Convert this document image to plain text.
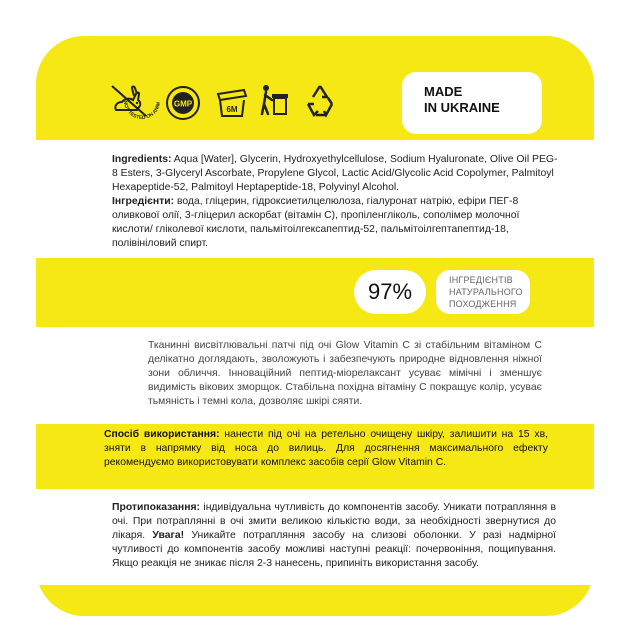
NOT TESTED ON ANIM GMP
6M
MADE
IN UKRAINE
Ingredients: Aqua [Water], Glycerin, Hydroxyethylcellulose, Sodium Hyaluronate, Olive Oil PEG-8 Esters, 3-Glyceryl Ascorbate, Propylene Glycol, Lactic Acid/Glycolic Acid Copolymer, Palmitoyl Hexapeptide-52, Palmitoyl Heptapeptide-18, Polyvinyl Alcohol.
Інгредієнти: вода, гліцерин, гідроксиетилцелюлоза, гіалуронат натрію, ефіри ПЕГ-8 оливкової олії, 3-гліцерил аскорбат (вітамін С), пропіленгліколь, сополімер молочної кислоти/ гліколевої кислоти, пальмітоілгексапептид-52, пальмітоілгептапептид-18, полівініловий спирт.
97%	ІНГРЕДІЄНТІВ
НАТУРАЛЬНОГО
ПОХОДЖЕННЯ
Тканинні висвітлювальні патчі під очі Glow Vitamin C зі стабільним вітаміном С делікатно доглядають, зволожують і забезпечують природне відновлення ніжної зони обличчя. Інноваційний пептид-міорелаксант усуває мімічні і зменшує видимість вікових зморщок. Стабільна похідна вітаміну С покращує колір, усуває тьмяність і темні кола, дозволяє шкірі сяяти.
Спосіб використання: нанести під очі на ретельно очищену шкіру, залишити на 15 хв, зняти в напрямку від носа до вилиць. Для досягнення максимального ефекту рекомендуємо використовувати комплекс засобів серії Glow Vitamin C.
Протипоказання: індивідуальна чутливість до компонентів засобу. Уникати потрапляння в очі. При потраплянні в очі змити великою кількістю води, за необхідності звернутися до лікаря. Увага! Уникайте потрапляння засобу на слизові оболонки. У разі надмірної чутливості до компонентів засобу можливі наступні реакції: почервоніння, пощипування. Якщо реакція не зникає після 2-3 нанесень, припиніть використання засобу.
